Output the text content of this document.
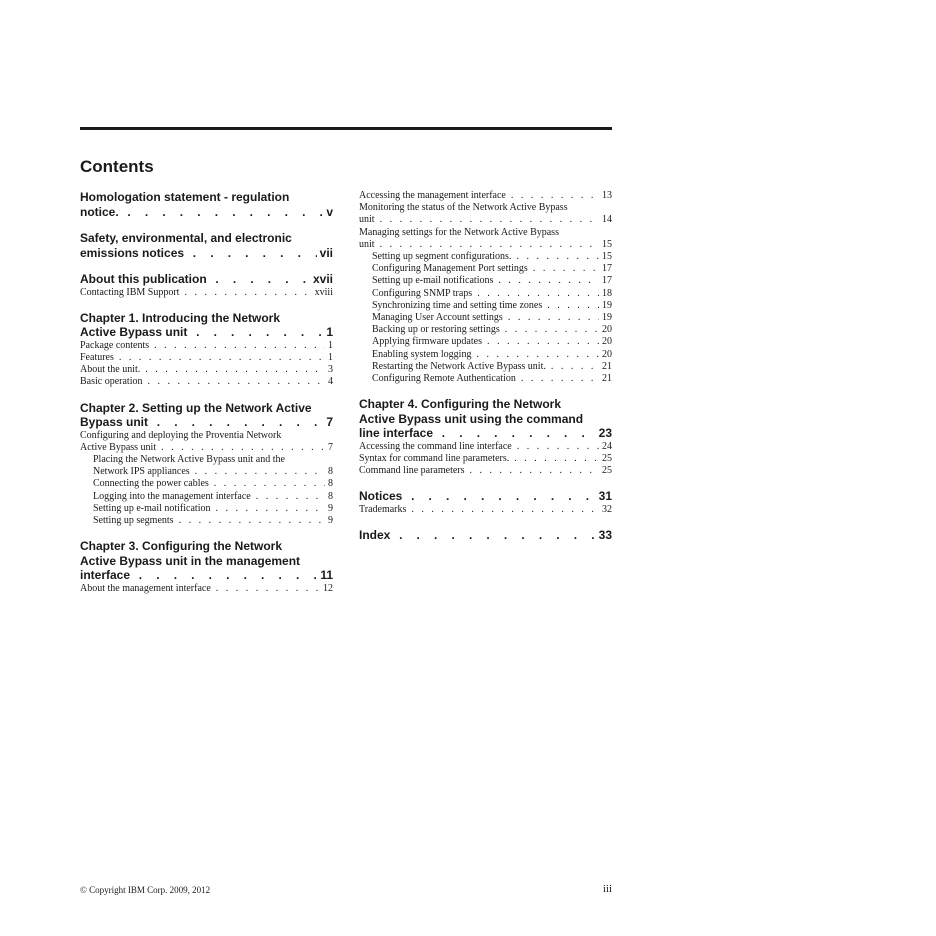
Contents
Homologation statement - regulation
notice. . . .	v
Safety, environmental, and electronic
emissions notices . . .	vii
About this publication . . .	xvii
Contacting IBM Support . . .	xviii
Chapter 1. Introducing the Network
Active Bypass unit . . .	1
Package contents . . .	1
Features . . .	1
About the unit. . . .	3
Basic operation . . .	4
Chapter 2. Setting up the Network Active
Bypass unit . . .	7
Configuring and deploying the Proventia Network
Active Bypass unit . . .	7
Placing the Network Active Bypass unit and the
Network IPS appliances . . .	8
Connecting the power cables . . .	8
Logging into the management interface . . .	8
Setting up e-mail notification . . .	9
Setting up segments . . .	9
Chapter 3. Configuring the Network
Active Bypass unit in the management
interface . . .	11
About the management interface . . .	12
Accessing the management interface . . .	13
Monitoring the status of the Network Active Bypass
unit . . .	14
Managing settings for the Network Active Bypass
unit . . .	15
Setting up segment configurations. . . .	15
Configuring Management Port settings . . .	17
Setting up e-mail notifications . . .	17
Configuring SNMP traps . . .	18
Synchronizing time and setting time zones . . .	19
Managing User Account settings . . .	19
Backing up or restoring settings . . .	20
Applying firmware updates . . .	20
Enabling system logging . . .	20
Restarting the Network Active Bypass unit. . . .	21
Configuring Remote Authentication . . .	21
Chapter 4. Configuring the Network
Active Bypass unit using the command
line interface . . .	23
Accessing the command line interface . . .	24
Syntax for command line parameters. . . .	25
Command line parameters . . .	25
Notices . . .	31
Trademarks . . .	32
Index . . .	33
© Copyright IBM Corp. 2009, 2012	iii
